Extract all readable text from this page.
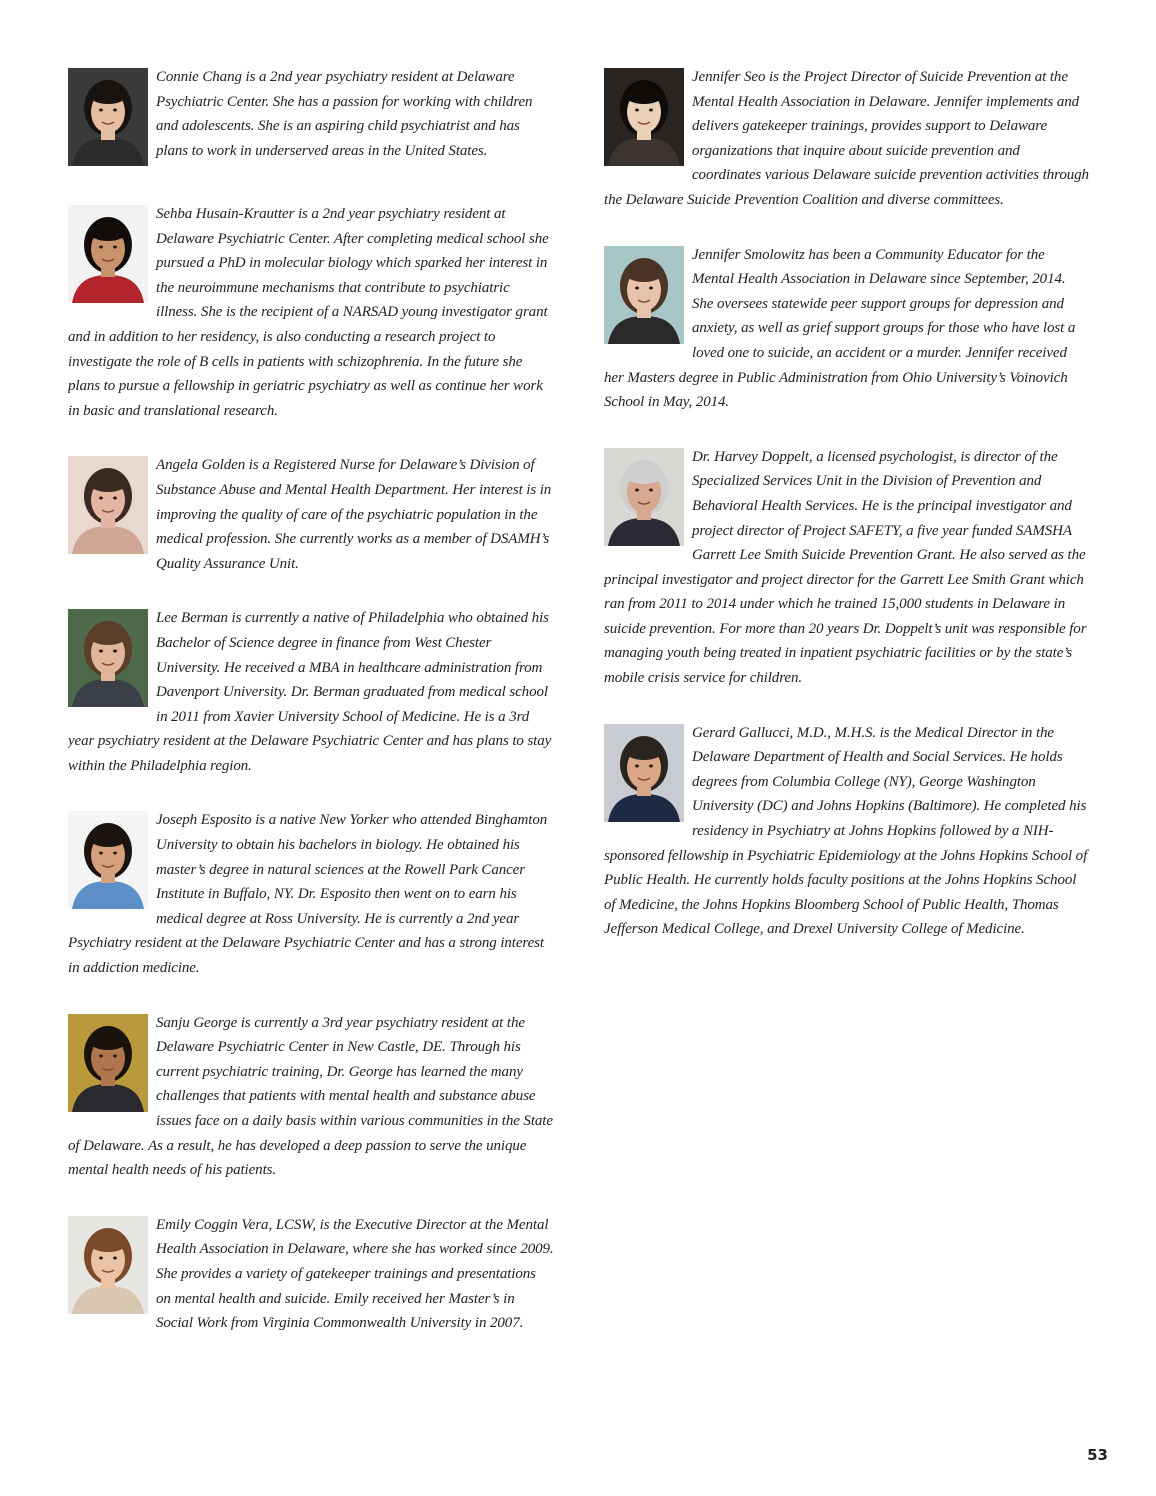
Connie Chang is a 2nd year psychiatry resident at Delaware Psychiatric Center. She has a passion for working with children and adolescents. She is an aspiring child psychiatrist and has plans to work in underserved areas in the United States.

Sehba Husain-Krautter is a 2nd year psychiatry resident at Delaware Psychiatric Center. After completing medical school she pursued a PhD in molecular biology which sparked her interest in the neuroimmune mechanisms that contribute to psychiatric illness. She is the recipient of a NARSAD young investigator grant and in addition to her residency, is also conducting a research project to investigate the role of B cells in patients with schizophrenia. In the future she plans to pursue a fellowship in geriatric psychiatry as well as continue her work in basic and translational research.

Angela Golden is a Registered Nurse for Delaware’s Division of Substance Abuse and Mental Health Department. Her interest is in improving the quality of care of the psychiatric population in the medical profession. She currently works as a member of DSAMH’s Quality Assurance Unit.

Lee Berman is currently a native of Philadelphia who obtained his Bachelor of Science degree in finance from West Chester University. He received a MBA in healthcare administration from Davenport University. Dr. Berman graduated from medical school in 2011 from Xavier University School of Medicine. He is a 3rd year psychiatry resident at the Delaware Psychiatric Center and has plans to stay within the Philadelphia region.

Joseph Esposito is a native New Yorker who attended Binghamton University to obtain his bachelors in biology. He obtained his master’s degree in natural sciences at the Rowell Park Cancer Institute in Buffalo, NY. Dr. Esposito then went on to earn his medical degree at Ross University. He is currently a 2nd year Psychiatry resident at the Delaware Psychiatric Center and has a strong interest in addiction medicine.

Sanju George is currently a 3rd year psychiatry resident at the Delaware Psychiatric Center in New Castle, DE. Through his current psychiatric training, Dr. George has learned the many challenges that patients with mental health and substance abuse issues face on a daily basis within various communities in the State of Delaware. As a result, he has developed a deep passion to serve the unique mental health needs of his patients.

Emily Coggin Vera, LCSW, is the Executive Director at the Mental Health Association in Delaware, where she has worked since 2009. She provides a variety of gatekeeper trainings and presentations on mental health and suicide. Emily received her Master’s in Social Work from Virginia Commonwealth University in 2007.

Jennifer Seo is the Project Director of Suicide Prevention at the Mental Health Association in Delaware. Jennifer implements and delivers gatekeeper trainings, provides support to Delaware organizations that inquire about suicide prevention and coordinates various Delaware suicide prevention activities through the Delaware Suicide Prevention Coalition and diverse committees.

Jennifer Smolowitz has been a Community Educator for the Mental Health Association in Delaware since September, 2014. She oversees statewide peer support groups for depression and anxiety, as well as grief support groups for those who have lost a loved one to suicide, an accident or a murder. Jennifer received her Masters degree in Public Administration from Ohio University’s Voinovich School in May, 2014.

Dr. Harvey Doppelt, a licensed psychologist, is director of the Specialized Services Unit in the Division of Prevention and Behavioral Health Services. He is the principal investigator and project director of Project SAFETY, a five year funded SAMSHA Garrett Lee Smith Suicide Prevention Grant. He also served as the principal investigator and project director for the Garrett Lee Smith Grant which ran from 2011 to 2014 under which he trained 15,000 students in Delaware in suicide prevention. For more than 20 years Dr. Doppelt’s unit was responsible for managing youth being treated in inpatient psychiatric facilities or by the state’s mobile crisis service for children.

Gerard Gallucci, M.D., M.H.S. is the Medical Director in the Delaware Department of Health and Social Services. He holds degrees from Columbia College (NY), George Washington University (DC) and Johns Hopkins (Baltimore). He completed his residency in Psychiatry at Johns Hopkins followed by a NIH-sponsored fellowship in Psychiatric Epidemiology at the Johns Hopkins School of Public Health. He currently holds faculty positions at the Johns Hopkins School of Medicine, the Johns Hopkins Bloomberg School of Public Health, Thomas Jefferson Medical College, and Drexel University College of Medicine.

53
